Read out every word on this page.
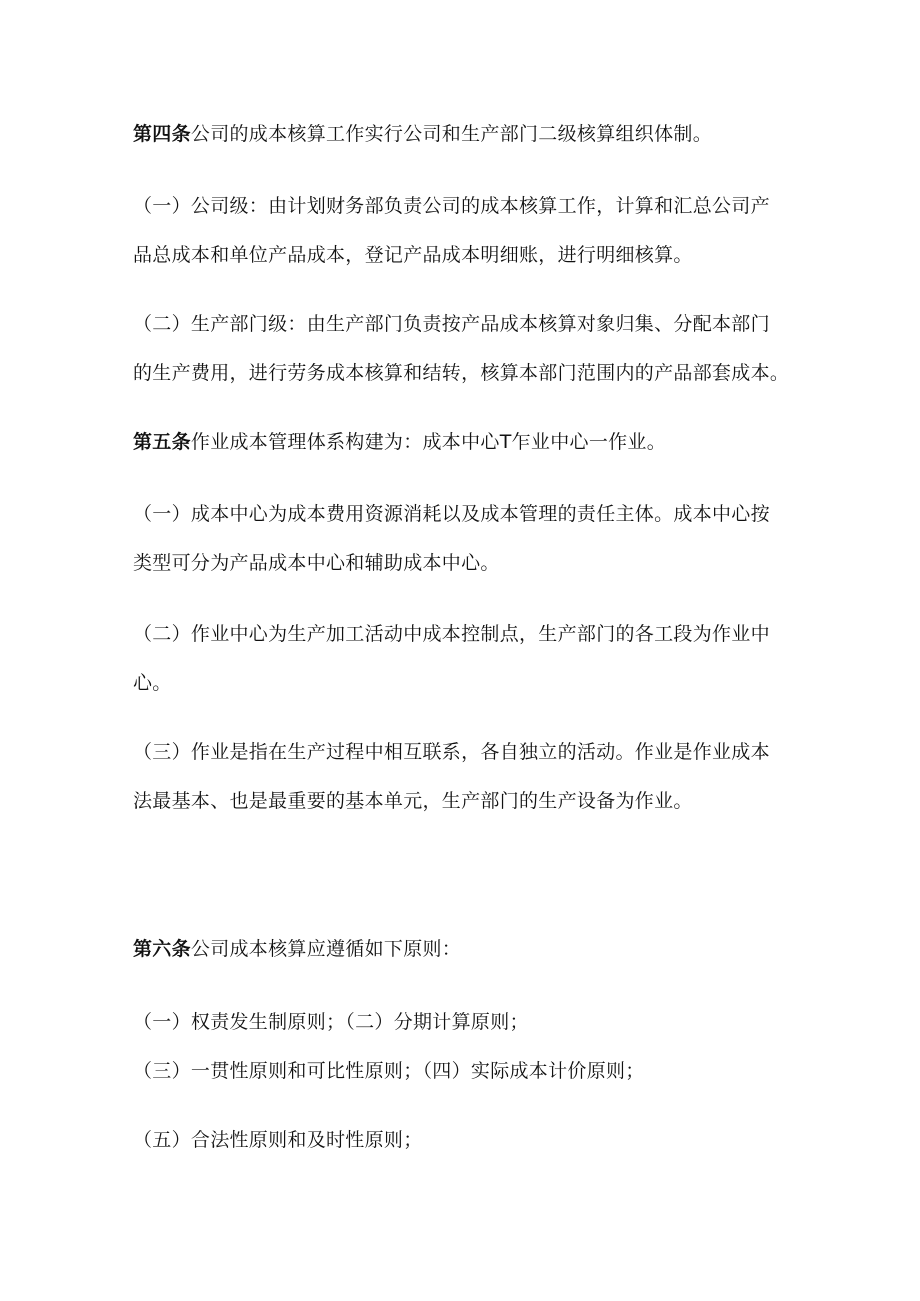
第四条公司的成本核算工作实行公司和生产部门二级核算组织体制。
（一）公司级：由计划财务部负责公司的成本核算工作，计算和汇总公司产
品总成本和单位产品成本，登记产品成本明细账，进行明细核算。
（二）生产部门级：由生产部门负责按产品成本核算对象归集、分配本部门
的生产费用，进行劳务成本核算和结转，核算本部门范围内的产品部套成本。
第五条作业成本管理体系构建为：成本中心T乍业中心一作业。
（一）成本中心为成本费用资源消耗以及成本管理的责任主体。成本中心按
类型可分为产品成本中心和辅助成本中心。
（二）作业中心为生产加工活动中成本控制点，生产部门的各工段为作业中
心。
（三）作业是指在生产过程中相互联系，各自独立的活动。作业是作业成本
法最基本、也是最重要的基本单元，生产部门的生产设备为作业。
第六条公司成本核算应遵循如下原则：
（一）权责发生制原则；（二）分期计算原则；
（三）一贯性原则和可比性原则；（四）实际成本计价原则；
（五）合法性原则和及时性原则；
